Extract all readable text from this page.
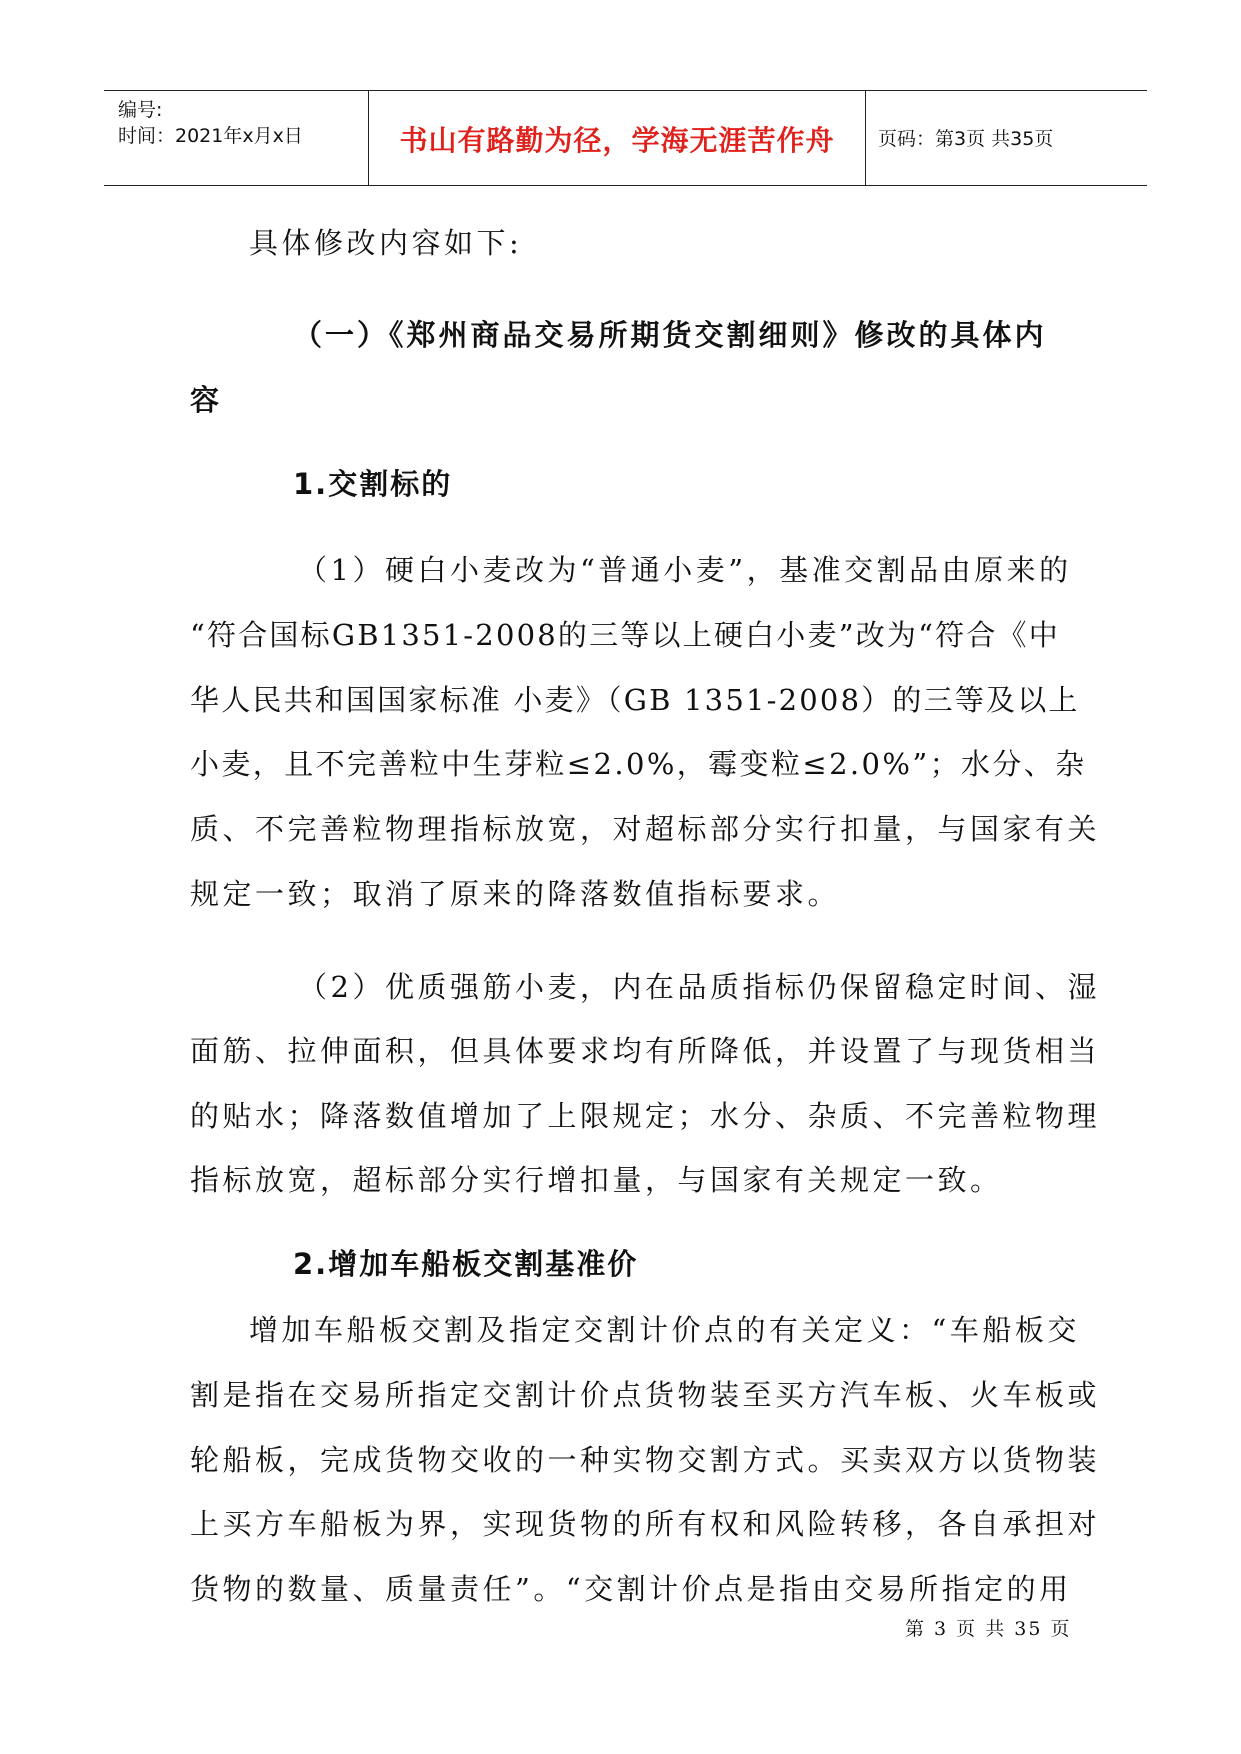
编号:
时间：2021年x月x日	书山有路勤为径，学海无涯苦作舟	页码：第3页 共35页
具体修改内容如下:
（一）《郑州商品交易所期货交割细则》修改的具体内
容
1.交割标的
（1）硬白小麦改为“普通小麦”，基准交割品由原来的
“符合国标GB1351-2008的三等以上硬白小麦”改为“符合《中
华人民共和国国家标准 小麦》（GB 1351-2008）的三等及以上
小麦，且不完善粒中生芽粒≤2.0%，霉变粒≤2.0%”；水分、杂
质、不完善粒物理指标放宽，对超标部分实行扣量，与国家有关
规定一致；取消了原来的降落数值指标要求。
（2）优质强筋小麦，内在品质指标仍保留稳定时间、湿
面筋、拉伸面积，但具体要求均有所降低，并设置了与现货相当
的贴水；降落数值增加了上限规定；水分、杂质、不完善粒物理
指标放宽，超标部分实行增扣量，与国家有关规定一致。
2.增加车船板交割基准价
增加车船板交割及指定交割计价点的有关定义：“车船板交
割是指在交易所指定交割计价点货物装至买方汽车板、火车板或
轮船板，完成货物交收的一种实物交割方式。买卖双方以货物装
上买方车船板为界，实现货物的所有权和风险转移，各自承担对
货物的数量、质量责任”。“交割计价点是指由交易所指定的用
第 3 页 共 35 页
